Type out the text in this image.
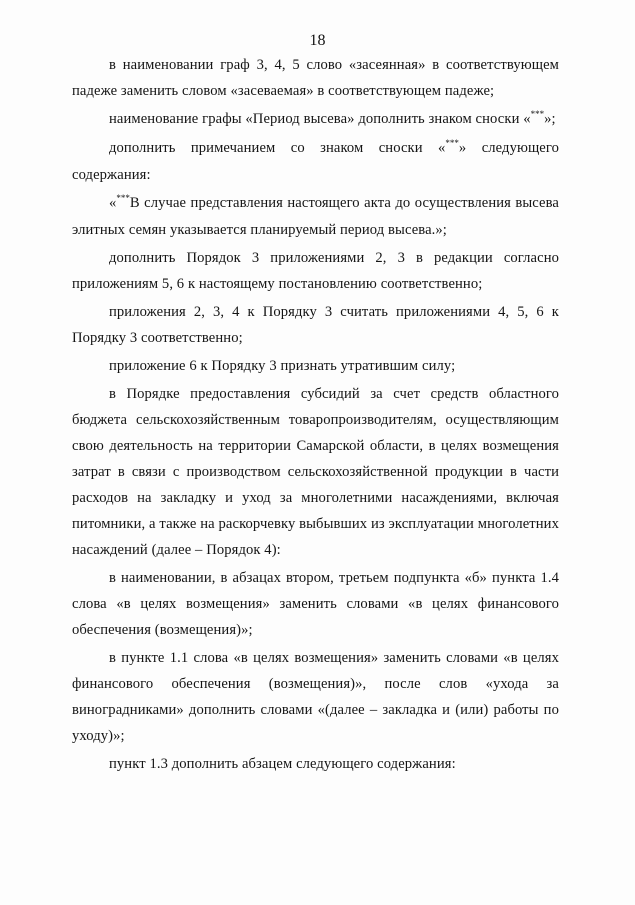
18

в наименовании граф 3, 4, 5 слово «засеянная» в соответствующем падеже заменить словом «засеваемая» в соответствующем падеже;

наименование графы «Период высева» дополнить знаком сноски «***»;

дополнить примечанием со знаком сноски «***» следующего содержания:

«***В случае представления настоящего акта до осуществления высева элитных семян указывается планируемый период высева.»;

дополнить Порядок 3 приложениями 2, 3 в редакции согласно приложениям 5, 6 к настоящему постановлению соответственно;

приложения 2, 3, 4 к Порядку 3 считать приложениями 4, 5, 6 к Порядку 3 соответственно;

приложение 6 к Порядку 3 признать утратившим силу;

в Порядке предоставления субсидий за счет средств областного бюджета сельскохозяйственным товаропроизводителям, осуществляющим свою деятельность на территории Самарской области, в целях возмещения затрат в связи с производством сельскохозяйственной продукции в части расходов на закладку и уход за многолетними насаждениями, включая питомники, а также на раскорчевку выбывших из эксплуатации многолетних насаждений (далее – Порядок 4):

в наименовании, в абзацах втором, третьем подпункта «б» пункта 1.4 слова «в целях возмещения» заменить словами «в целях финансового обеспечения (возмещения)»;

в пункте 1.1 слова «в целях возмещения» заменить словами «в целях финансового обеспечения (возмещения)», после слов «ухода за виноградниками» дополнить словами «(далее – закладка и (или) работы по уходу)»;

пункт 1.3 дополнить абзацем следующего содержания:
